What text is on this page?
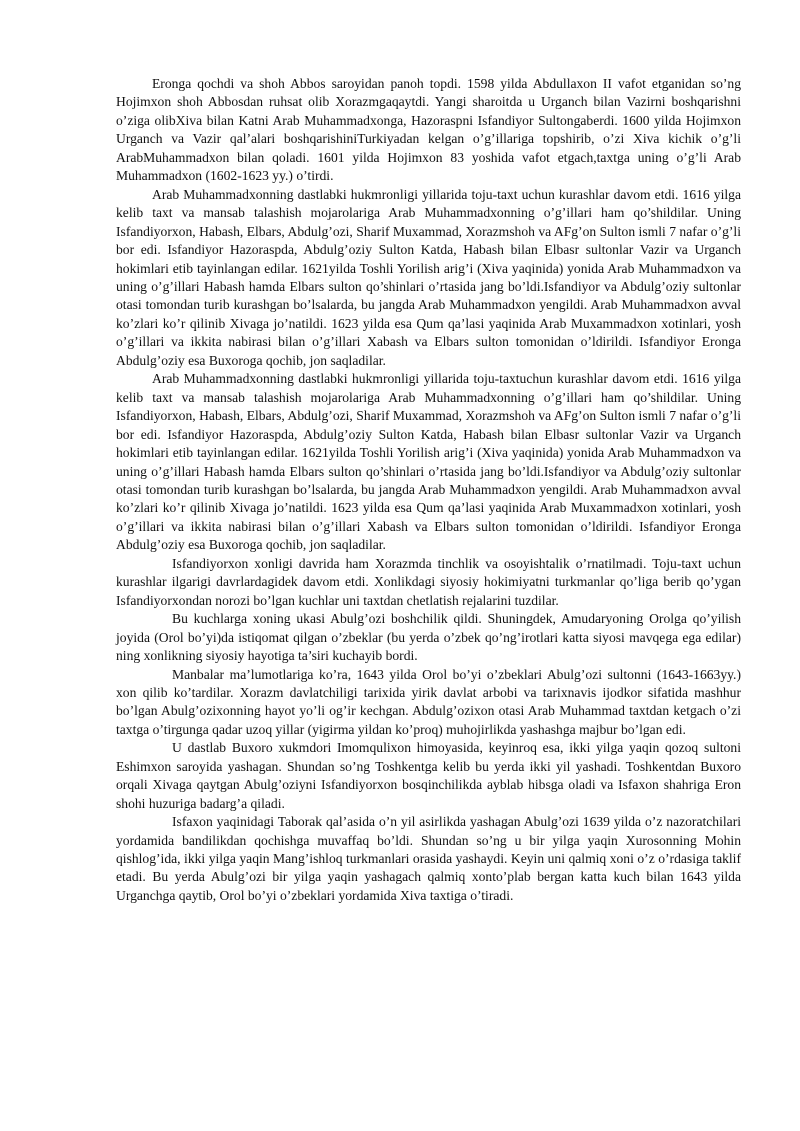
Eronga qochdi va shoh Abbos saroyidan panoh topdi. 1598 yilda Abdullaxon II vafot etganidan so’ng Hojimxon shoh Abbosdan ruhsat olib Xorazmgaqaytdi. Yangi sharoitda u Urganch bilan Vazirni boshqarishni o’ziga olibXiva bilan Katni Arab Muhammadxonga, Hazoraspni Isfandiyor Sultongaberdi. 1600 yilda Hojimxon Urganch va Vazir qal’alari boshqarishiniTurkiyadan kelgan o’g’illariga topshirib, o’zi Xiva kichik o’g’li ArabMuhammadxon bilan qoladi. 1601 yilda Hojimxon 83 yoshida vafot etgach,taxtga uning o’g’li Arab Muhammadxon (1602-1623 yy.) o’tirdi.

Arab Muhammadxonning dastlabki hukmronligi yillarida toju-taxt uchun kurashlar davom etdi. 1616 yilga kelib taxt va mansab talashish mojarolariga Arab Muhammadxonning o’g’illari ham qo’shildilar. Uning Isfandiyorxon, Habash, Elbars, Abdulg’ozi, Sharif Muxammad, Xorazmshoh va AFg’on Sulton ismli 7 nafar o’g’li bor edi. Isfandiyor Hazoraspda, Abdulg’oziy Sulton Katda, Habash bilan Elbasr sultonlar Vazir va Urganch hokimlari etib tayinlangan edilar. 1621yilda Toshli Yorilish arig’i (Xiva yaqinida) yonida Arab Muhammadxon va uning o’g’illari Habash hamda Elbars sulton qo’shinlari o’rtasida jang bo’ldi.Isfandiyor va Abdulg’oziy sultonlar otasi tomondan turib kurashgan bo’lsalarda, bu jangda Arab Muhammadxon yengildi. Arab Muhammadxon avval ko’zlari ko’r qilinib Xivaga jo’natildi. 1623 yilda esa Qum qa’lasi yaqinida Arab Muxammadxon xotinlari, yosh o’g’illari va ikkita nabirasi bilan o’g’illari Xabash va Elbars sulton tomonidan o’ldirildi. Isfandiyor Eronga Abdulg’oziy esa Buxoroga qochib, jon saqladilar.

Arab Muhammadxonning dastlabki hukmronligi yillarida toju-taxtuchun kurashlar davom etdi. 1616 yilga kelib taxt va mansab talashish mojarolariga Arab Muhammadxonning o’g’illari ham qo’shildilar. Uning Isfandiyorxon, Habash, Elbars, Abdulg’ozi, Sharif Muxammad, Xorazmshoh va AFg’on Sulton ismli 7 nafar o’g’li bor edi. Isfandiyor Hazoraspda, Abdulg’oziy Sulton Katda, Habash bilan Elbasr sultonlar Vazir va Urganch hokimlari etib tayinlangan edilar. 1621yilda Toshli Yorilish arig’i (Xiva yaqinida) yonida Arab Muhammadxon va uning o’g’illari Habash hamda Elbars sulton qo’shinlari o’rtasida jang bo’ldi.Isfandiyor va Abdulg’oziy sultonlar otasi tomondan turib kurashgan bo’lsalarda, bu jangda Arab Muhammadxon yengildi. Arab Muhammadxon avval ko’zlari ko’r qilinib Xivaga jo’natildi. 1623 yilda esa Qum qa’lasi yaqinida Arab Muxammadxon xotinlari, yosh o’g’illari va ikkita nabirasi bilan o’g’illari Xabash va Elbars sulton tomonidan o’ldirildi. Isfandiyor Eronga Abdulg’oziy esa Buxoroga qochib, jon saqladilar.

Isfandiyorxon xonligi davrida ham Xorazmda tinchlik va osoyishtalik o’rnatilmadi. Toju-taxt uchun kurashlar ilgarigi davrlardagidek davom etdi. Xonlikdagi siyosiy hokimiyatni turkmanlar qo’liga berib qo’ygan Isfandiyorxondan norozi bo’lgan kuchlar uni taxtdan chetlatish rejalarini tuzdilar.

Bu kuchlarga xoning ukasi Abulg’ozi boshchilik qildi. Shuningdek, Amudaryoning Orolga qo’yilish joyida (Orol bo’yi)da istiqomat qilgan o’zbeklar (bu yerda o’zbek qo’ng’irotlari katta siyosi mavqega ega edilar) ning xonlikning siyosiy hayotiga ta’siri kuchayib bordi.

Manbalar ma’lumotlariga ko’ra, 1643 yilda Orol bo’yi o’zbeklari Abulg’ozi sultonni (1643-1663yy.) xon qilib ko’tardilar. Xorazm davlatchiligi tarixida yirik davlat arbobi va tarixnavis ijodkor sifatida mashhur bo’lgan Abulg’ozixonning hayot yo’li og’ir kechgan. Abdulg’ozixon otasi Arab Muhammad taxtdan ketgach o’zi taxtga o’tirgunga qadar uzoq yillar (yigirma yildan ko’proq) muhojirlikda yashashga majbur bo’lgan edi.

U dastlab Buxoro xukmdori Imomqulixon himoyasida, keyinroq esa, ikki yilga yaqin qozoq sultoni Eshimxon saroyida yashagan. Shundan so’ng Toshkentga kelib bu yerda ikki yil yashadi. Toshkentdan Buxoro orqali Xivaga qaytgan Abulg’oziyni Isfandiyorxon bosqinchilikda ayblab hibsga oladi va Isfaxon shahriga Eron shohi huzuriga badarg’a qiladi.

Isfaxon yaqinidagi Taborak qal’asida o’n yil asirlikda yashagan Abulg’ozi 1639 yilda o’z nazoratchilari yordamida bandilikdan qochishga muvaffaq bo’ldi. Shundan so’ng u bir yilga yaqin Xurosonning Mohin qishlog’ida, ikki yilga yaqin Mang’ishloq turkmanlari orasida yashaydi. Keyin uni qalmiq xoni o’z o’rdasiga taklif etadi. Bu yerda Abulg’ozi bir yilga yaqin yashagach qalmiq xonto’plab bergan katta kuch bilan 1643 yilda Urganchga qaytib, Orol bo’yi o’zbeklari yordamida Xiva taxtiga o’tiradi.
